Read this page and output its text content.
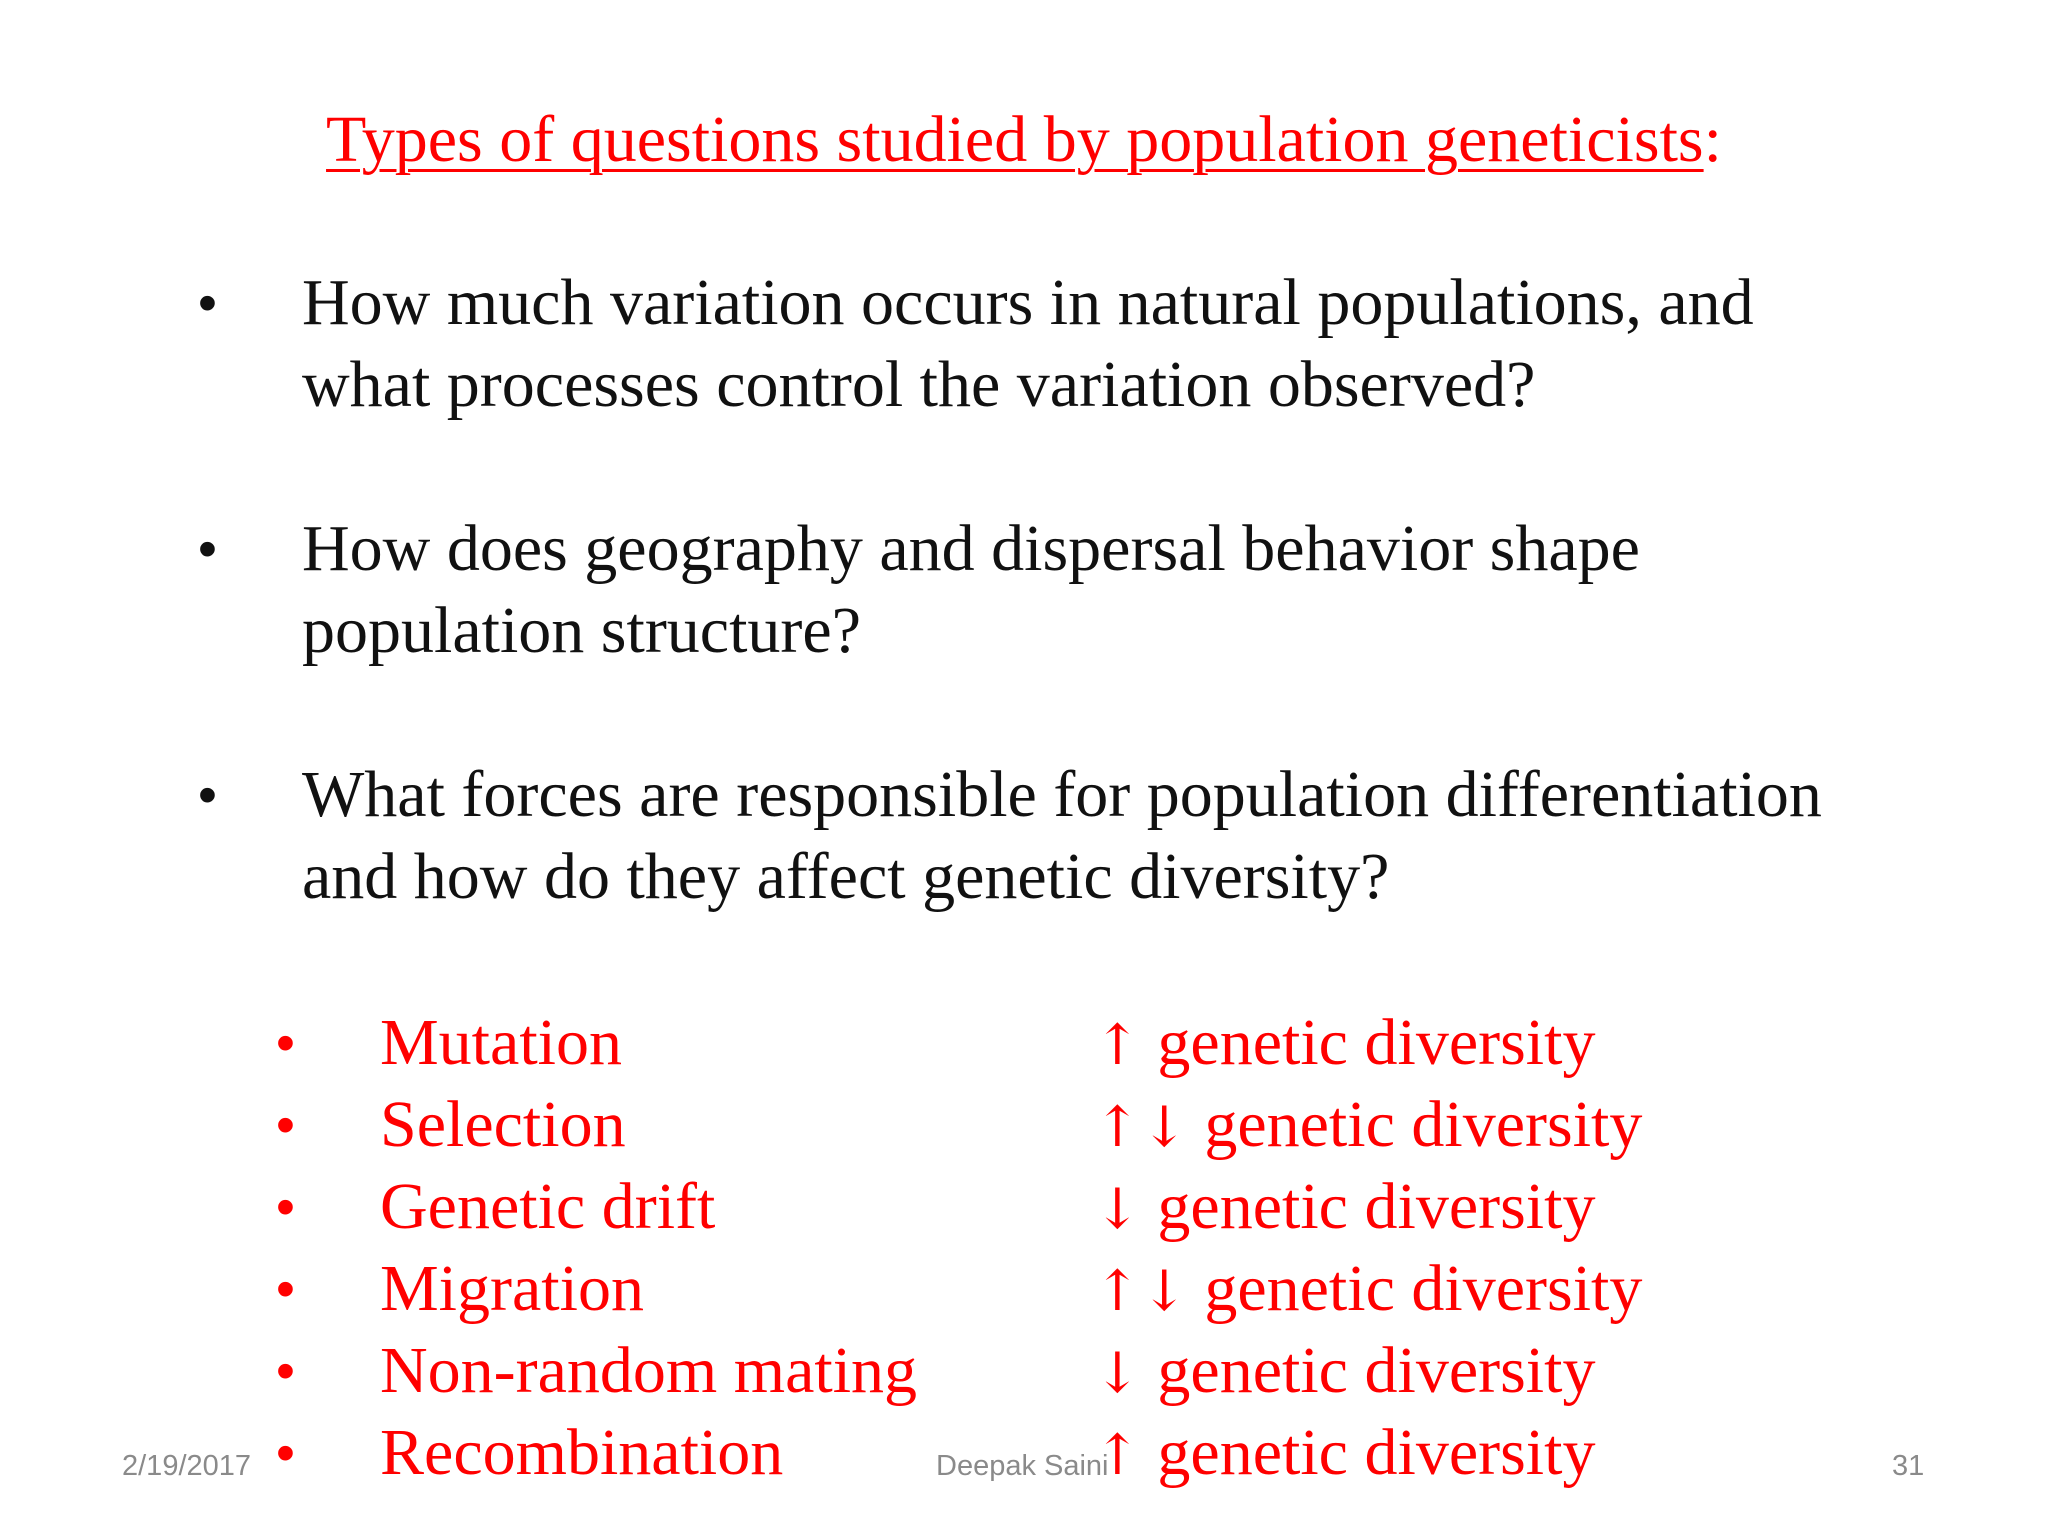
Types of questions studied by population geneticists:
• How much variation occurs in natural populations, and
what processes control the variation observed?
• How does geography and dispersal behavior shape
population structure?
• What forces are responsible for population differentiation
and how do they affect genetic diversity?
• Mutation	↑ genetic diversity
• Selection	↑↓ genetic diversity
• Genetic drift	↓ genetic diversity
• Migration	↑↓ genetic diversity
• Non-random mating	↓ genetic diversity
• Recombination	↑ genetic diversity
2/19/2017	Deepak Saini	31
